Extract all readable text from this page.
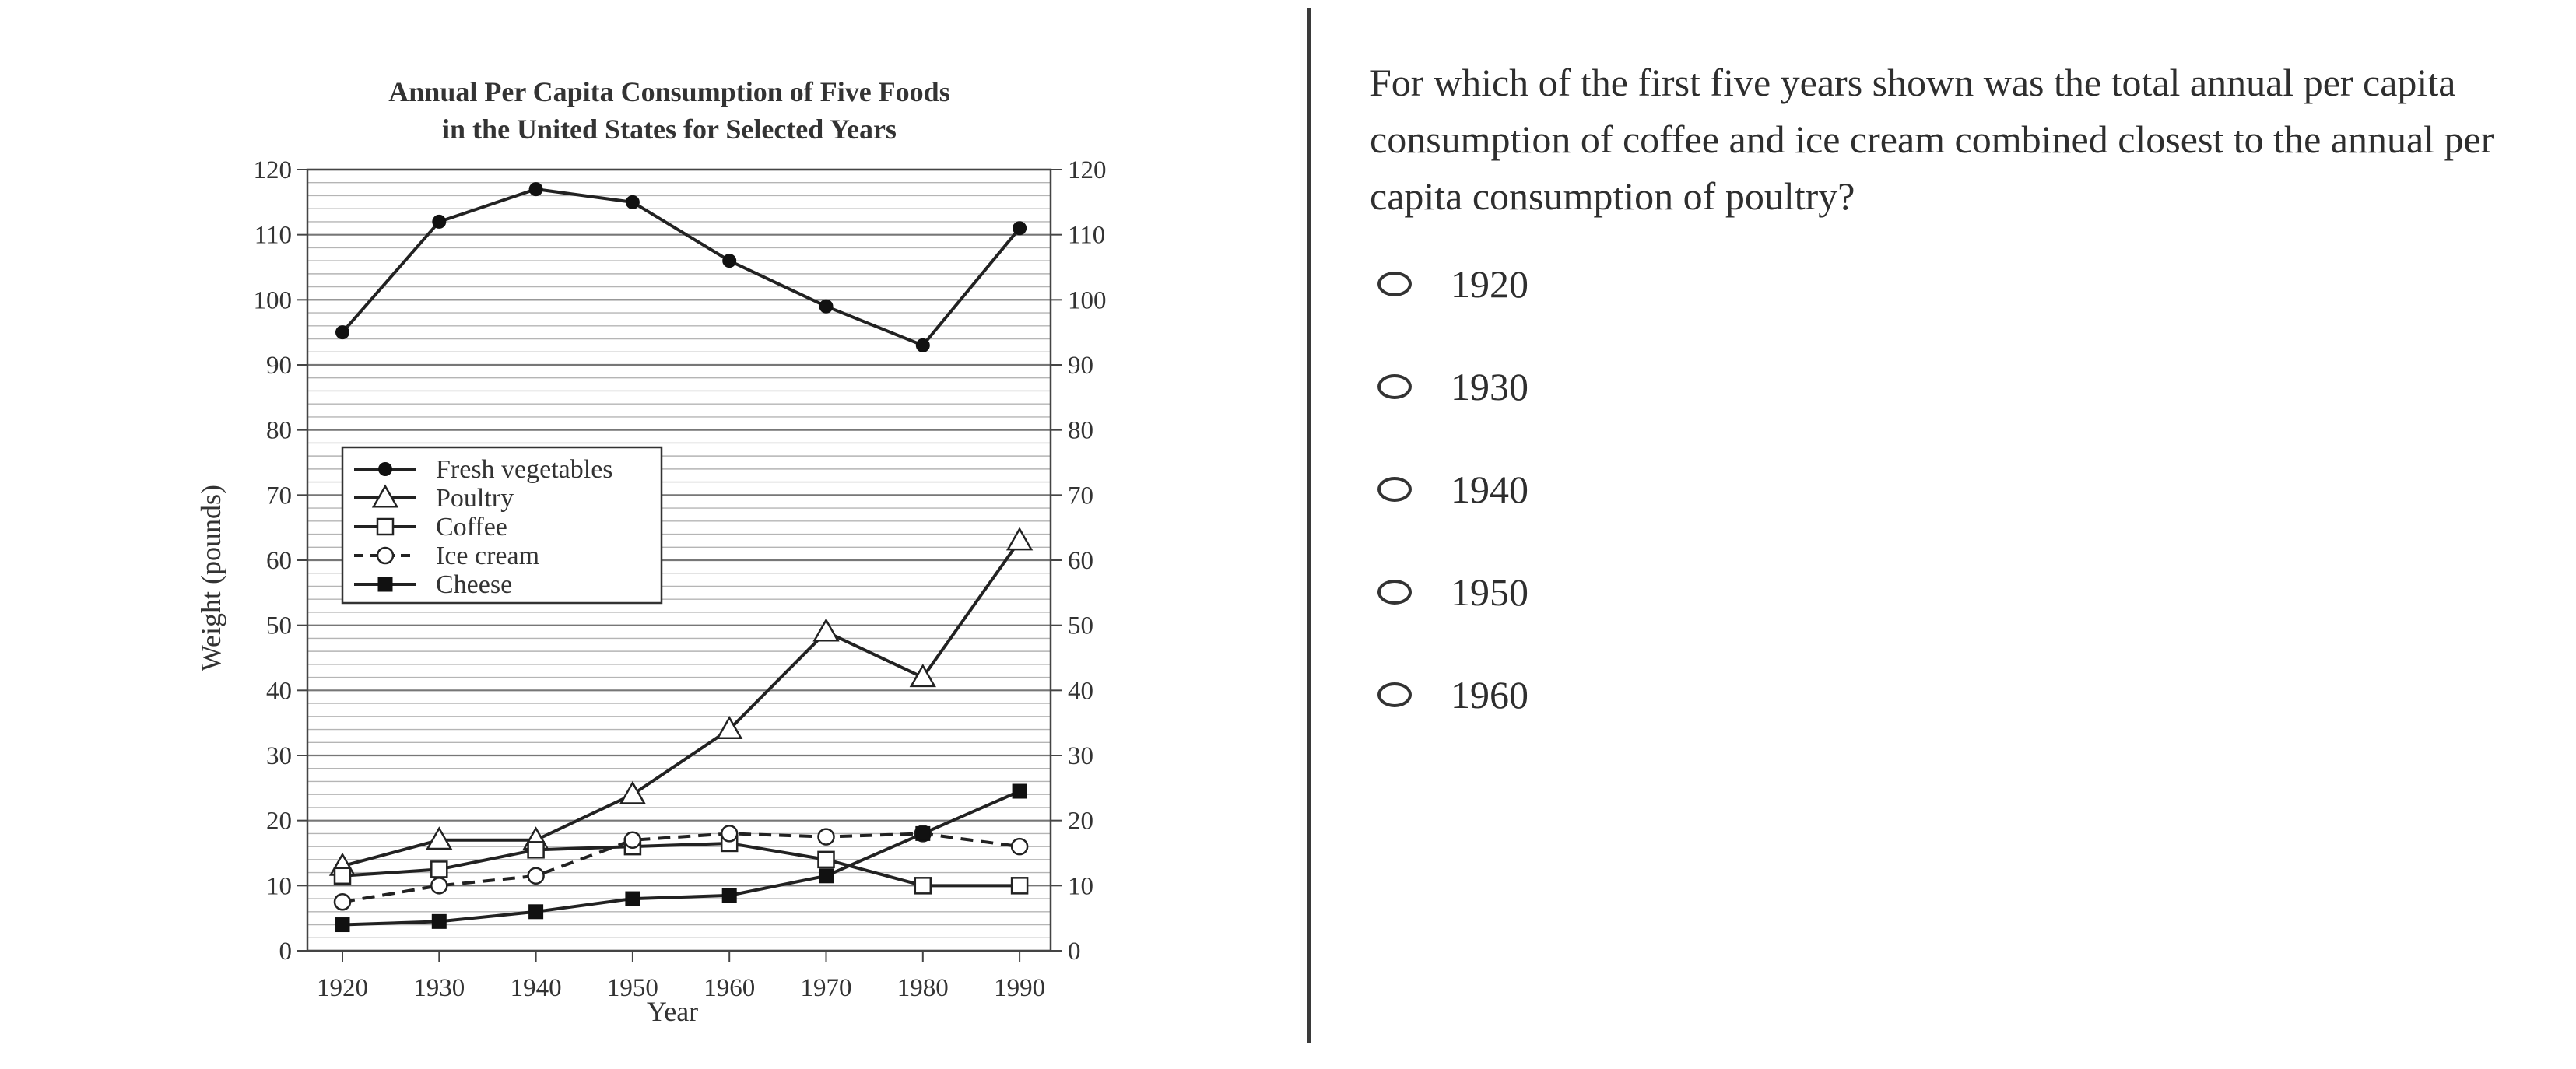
0	0
10	10
20	20
30	30
40	40
50	50
60	60
70	70
80	80
90	90
100	100
110	110
120	120
1920 1930 1940 1950 1960 1970 1980 1990
Fresh vegetables
Poultry
Coffee
Ice cream
Cheese
Annual Per Capita Consumption of Five Foods
in the United States for Selected Years
Year
Weight (pounds)

For which of the first five years shown was the total annual per capita consumption of coffee and ice cream combined closest to the annual per capita consumption of poultry?

1920
1930
1940
1950
1960
